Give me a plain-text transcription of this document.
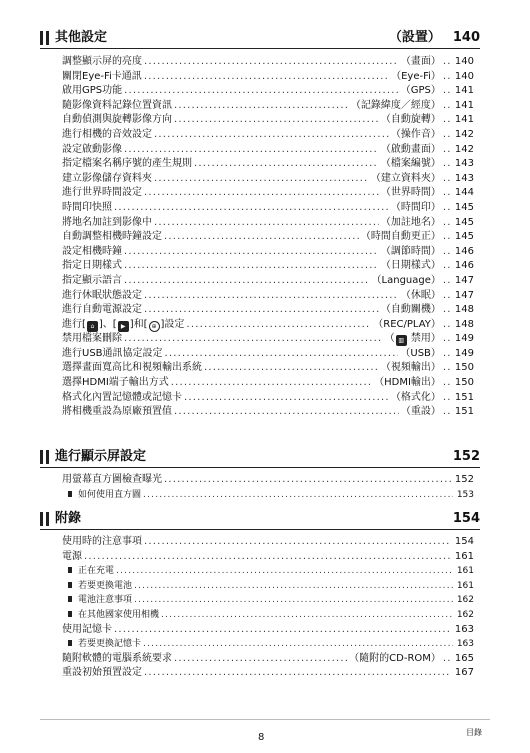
其他設定	（設置） 140
調整顯示屏的亮度 .....	（畫面） ..... 140
關閉Eye-Fi卡通訊 .....	（Eye-Fi） ..... 140
啟用GPS功能 .....	（GPS） ..... 141
隨影像資料記錄位置資訊 .....	（記錄緯度／經度） ..... 141
自動偵測與旋轉影像方向 .....	（自動旋轉） ..... 141
進行相機的音效設定 .....	（操作音） ..... 142
設定啟動影像 .....	（啟動畫面） ..... 142
指定檔案名稱序號的產生規則 .....	（檔案編號） ..... 143
建立影像儲存資料夾 .....	（建立資料夾） ..... 143
進行世界時間設定 .....	（世界時間） ..... 144
時間印快照 .....	（時間印） ..... 145
將地名加註到影像中 .....	（加註地名） ..... 145
自動調整相機時鐘設定 .....	（時間自動更正） ..... 145
設定相機時鐘 .....	（調節時間） ..... 146
指定日期樣式 .....	（日期樣式） ..... 146
指定顯示語言 .....	（Language） ..... 147
進行休眠狀態設定 .....	（休眠） ..... 147
進行自動電源設定 .....	（自動關機） ..... 148
進行[ ⌂ ]、[ ▶ ]和[ ⊕ ]設定 .....	（REC/PLAY） ..... 148
禁用檔案刪除 .....	（ ▥ 禁用） ..... 149
進行USB通訊協定設定 .....	（USB） ..... 149
選擇畫面寬高比和視頻輸出系統 .....	（視頻輸出） ..... 150
選擇HDMI端子輸出方式 .....	（HDMI輸出） ..... 150
格式化內置記憶體或記憶卡 .....	（格式化） ..... 151
將相機重設為原廠預置值 .....	（重設） ..... 151
進行顯示屏設定	152
用螢幕直方圖檢查曝光 .....	152
如何使用直方圖 .....	153
附錄	154
使用時的注意事項 .....	154
電源 .....	161
正在充電 .....	161
若要更換電池 .....	161
電池注意事項 .....	162
在其他國家使用相機 .....	162
使用記憶卡 .....	163
若要更換記憶卡 .....	163
隨附軟體的電腦系統要求 .....	（隨附的CD-ROM） ..... 165
重設初始預置設定 .....	167
8	目錄
